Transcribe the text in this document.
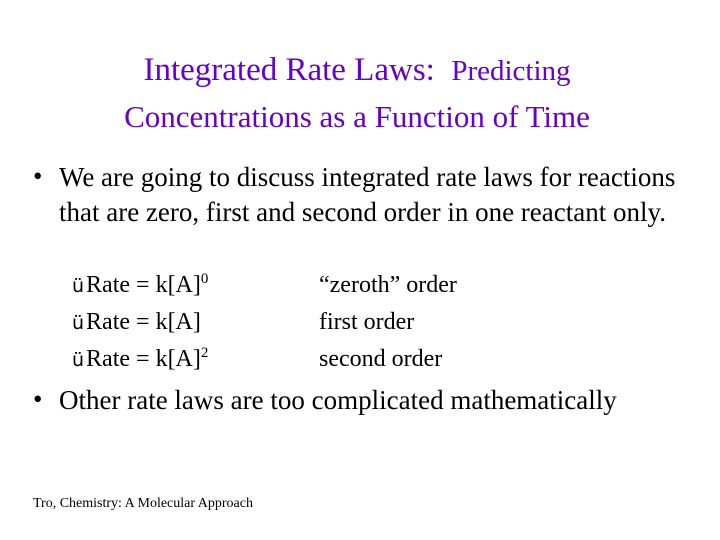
Integrated Rate Laws: Predicting
Concentrations as a Function of Time
• We are going to discuss integrated rate laws for reactions that are zero, first and second order in one reactant only.

üRate = $k[A]^0$	“zeroth” order
üRate = k[A]	first order
üRate = $k[A]^2$	second order
• Other rate laws are too complicated mathematically

Tro, Chemistry: A Molecular Approach
